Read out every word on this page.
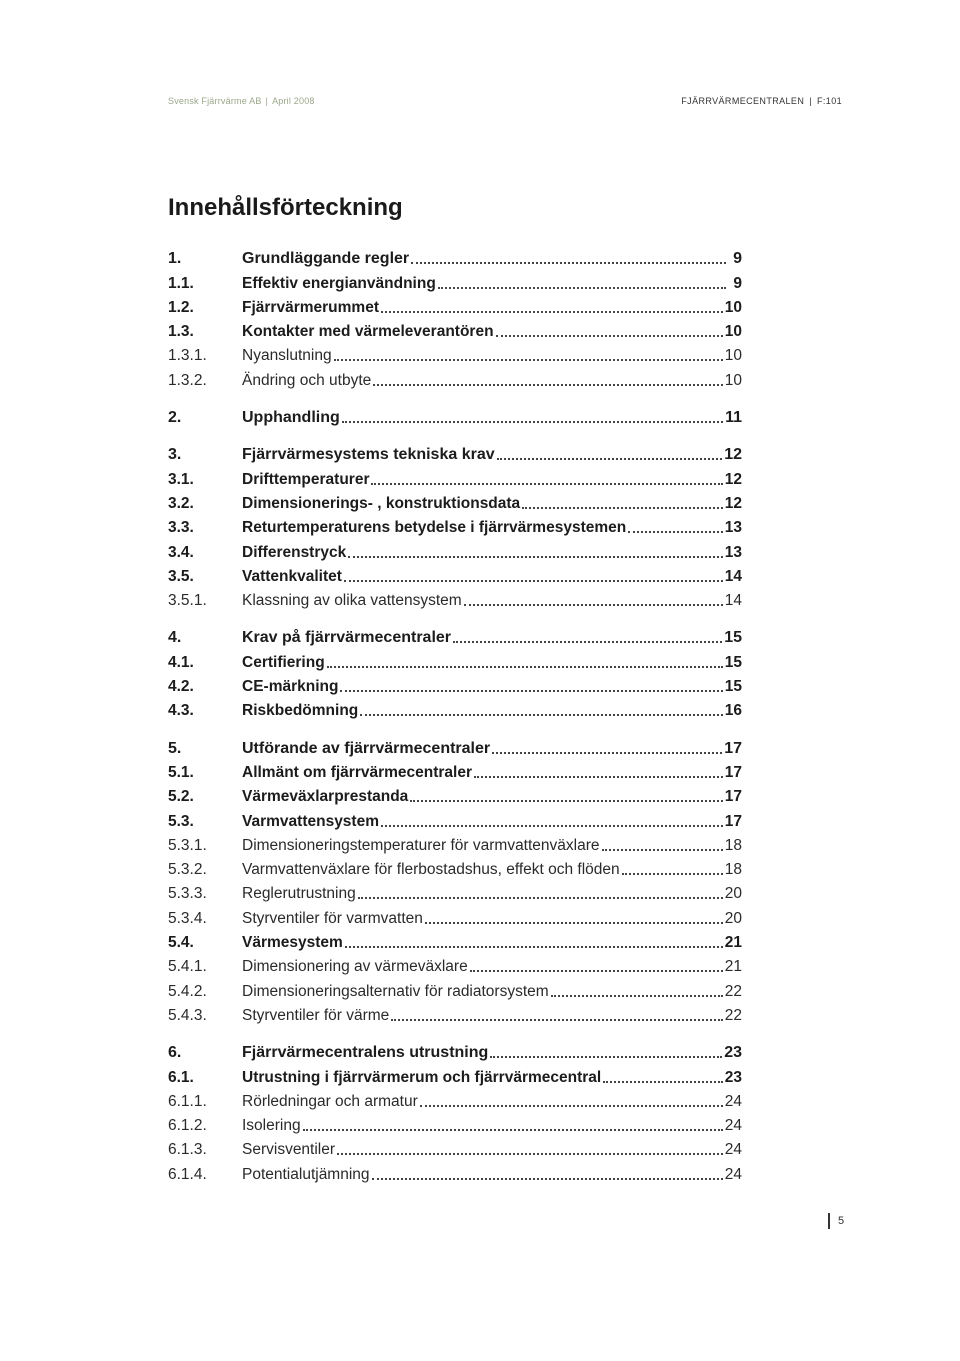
Svensk Fjärrvärme AB | April 2008	FJÄRRVÄRMECENTRALEN | F:101
Innehållsförteckning
1.	Grundläggande regler	9
1.1.	Effektiv energianvändning	9
1.2.	Fjärrvärmerummet	10
1.3.	Kontakter med värmeleverantören	10
1.3.1.	Nyanslutning	10
1.3.2.	Ändring och utbyte	10
2.	Upphandling	11
3.	Fjärrvärmesystems tekniska krav	12
3.1.	Drifttemperaturer	12
3.2.	Dimensionerings- , konstruktionsdata	12
3.3.	Returtemperaturens betydelse i fjärrvärmesystemen	13
3.4.	Differenstryck	13
3.5.	Vattenkvalitet	14
3.5.1.	Klassning av olika vattensystem	14
4.	Krav på fjärrvärmecentraler	15
4.1.	Certifiering	15
4.2.	CE-märkning	15
4.3.	Riskbedömning	16
5.	Utförande av fjärrvärmecentraler	17
5.1.	Allmänt om fjärrvärmecentraler	17
5.2.	Värmeväxlarprestanda	17
5.3.	Varmvattensystem	17
5.3.1.	Dimensioneringstemperaturer för varmvattenväxlare	18
5.3.2.	Varmvattenväxlare för flerbostadshus, effekt och flöden	18
5.3.3.	Reglerutrustning	20
5.3.4.	Styrventiler för varmvatten	20
5.4.	Värmesystem	21
5.4.1.	Dimensionering av värmeväxlare	21
5.4.2.	Dimensioneringsalternativ för radiatorsystem	22
5.4.3.	Styrventiler för värme	22
6.	Fjärrvärmecentralens utrustning	23
6.1.	Utrustning i fjärrvärmerum och fjärrvärmecentral	23
6.1.1.	Rörledningar och armatur	24
6.1.2.	Isolering	24
6.1.3.	Servisventiler	24
6.1.4.	Potentialutjämning	24
5
